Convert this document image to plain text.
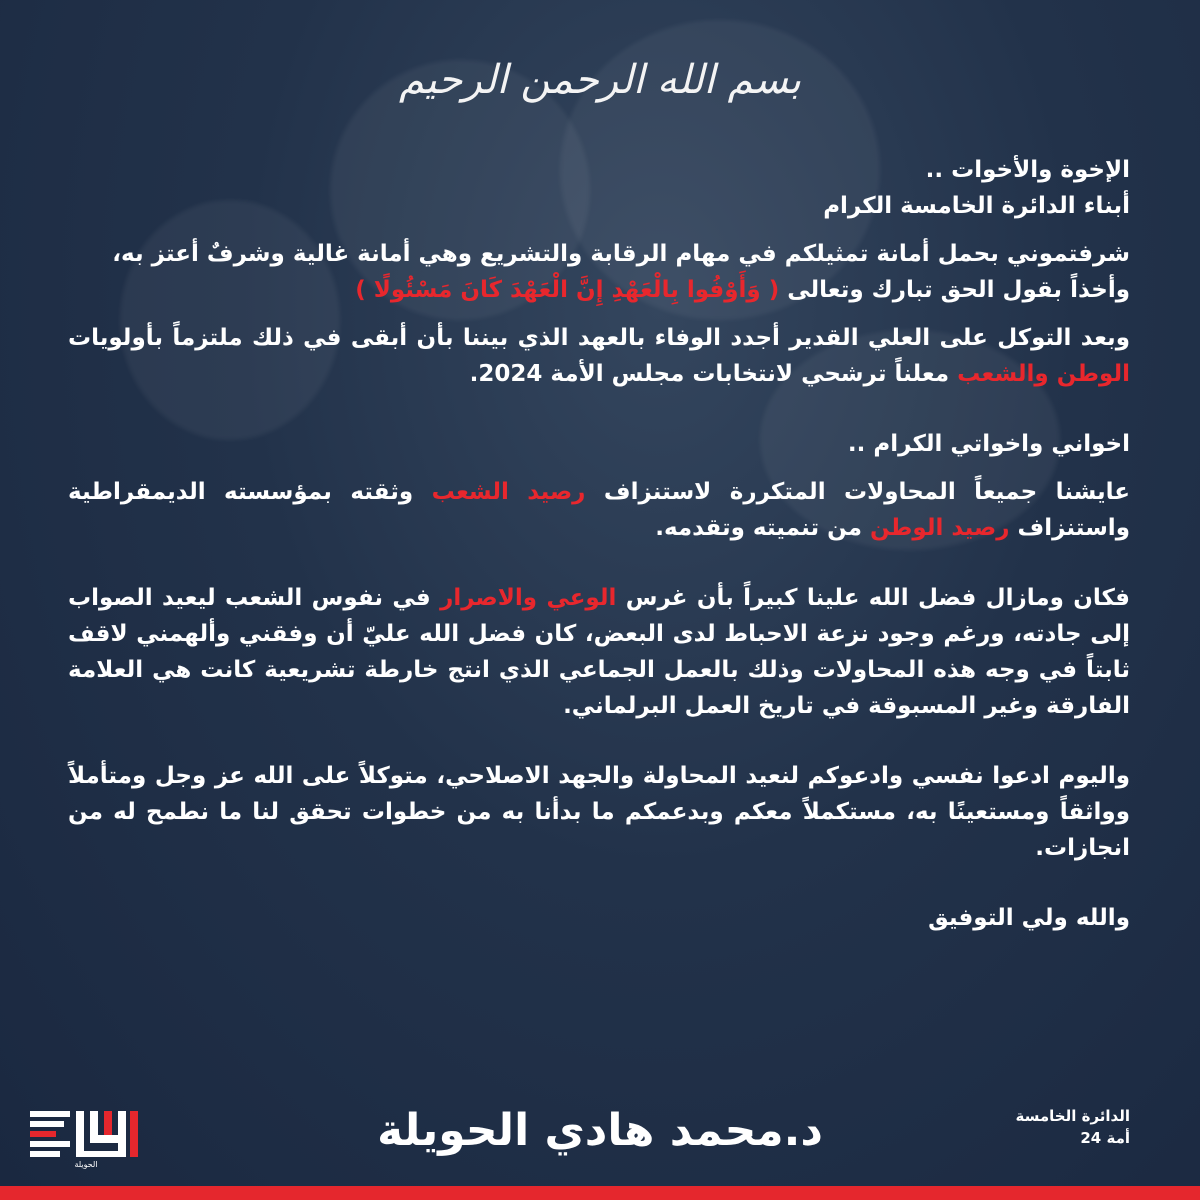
بسم الله الرحمن الرحيم

الإخوة والأخوات ..

أبناء الدائرة الخامسة الكرام

شرفتموني بحمل أمانة تمثيلكم في مهام الرقابة والتشريع وهي أمانة غالية وشرفٌ أعتز به،
وأخذاً بقول الحق تبارك وتعالى ( وَأَوْفُوا بِالْعَهْدِ إِنَّ الْعَهْدَ كَانَ مَسْئُولًا )

وبعد التوكل على العلي القدير أجدد الوفاء بالعهد الذي بيننا بأن أبقى في ذلك ملتزماً بأولويات الوطن والشعب معلناً ترشحي لانتخابات مجلس الأمة 2024.

اخواني واخواتي الكرام ..

عايشنا جميعاً المحاولات المتكررة لاستنزاف رصيد الشعب وثقته بمؤسسته الديمقراطية واستنزاف رصيد الوطن من تنميته وتقدمه.

فكان ومازال فضل الله علينا كبيراً بأن غرس الوعي والاصرار في نفوس الشعب ليعيد الصواب إلى جادته، ورغم وجود نزعة الاحباط لدى البعض، كان فضل الله عليّ أن وفقني وألهمني لاقف ثابتاً في وجه هذه المحاولات وذلك بالعمل الجماعي الذي انتج خارطة تشريعية كانت هي العلامة الفارقة وغير المسبوقة في تاريخ العمل البرلماني.

واليوم ادعوا نفسي وادعوكم لنعيد المحاولة والجهد الاصلاحي، متوكلاً على الله عز وجل ومتأملاً وواثقاً ومستعينًا به، مستكملاً معكم وبدعمكم ما بدأنا به من خطوات تحقق لنا ما نطمح له من انجازات.

والله ولي التوفيق

الحويلة
د.محمد هادي الحويلة	الدائرة الخامسة
أمة 24
